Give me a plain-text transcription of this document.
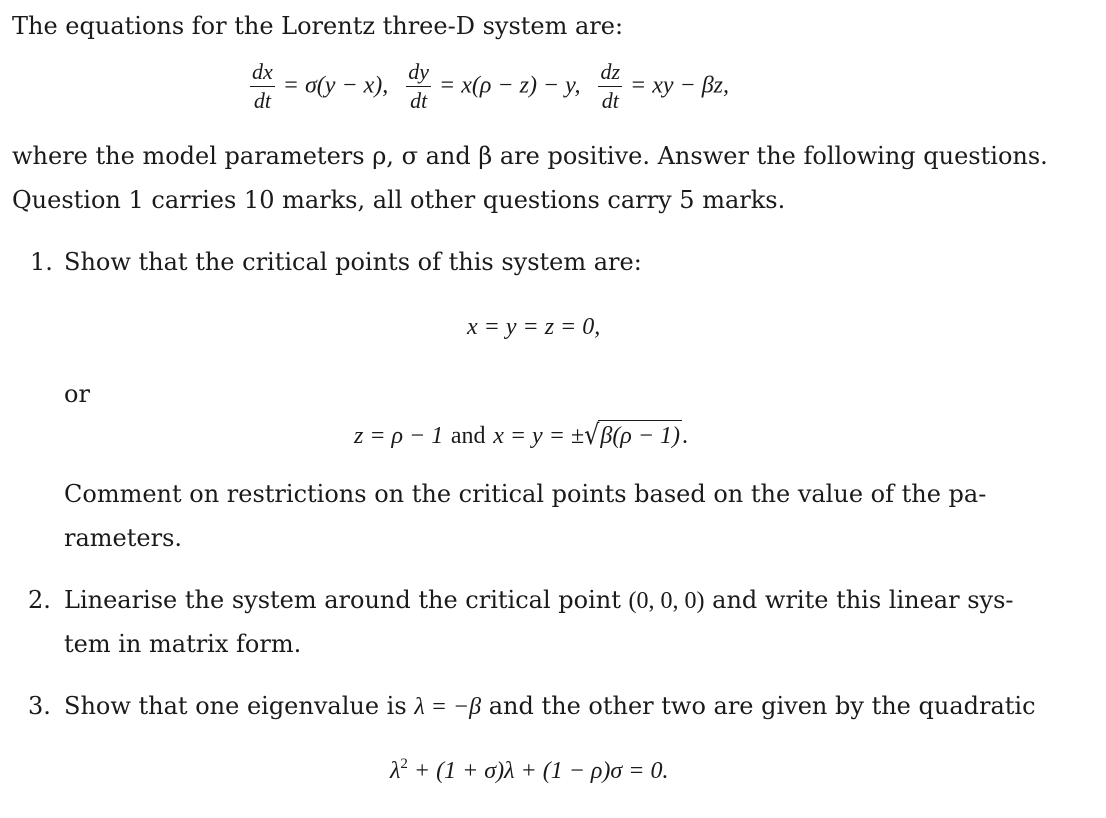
The equations for the Lorentz three-D system are:
$\frac{dx}{dt} = \sigma(y - x)$, $\frac{dy}{dt} = x(\rho - z) - y$, $\frac{dz}{dt}$ = xy − βz,
where the model parameters ρ, σ and β are positive. Answer the following questions.
Question 1 carries 10 marks, all other questions carry 5 marks.
1. Show that the critical points of this system are:
x = y = z = 0,
or
z = ρ − 1 and x = y = ±√β(ρ − 1).
Comment on restrictions on the critical points based on the value of the pa-
rameters.
2. Linearise the system around the critical point (0, 0, 0) and write this linear sys-
tem in matrix form.
3. Show that one eigenvalue is λ = −β and the other two are given by the quadratic
$\lambda^2 + (1 + \sigma)\lambda + (1 - \rho)\sigma = 0$.
